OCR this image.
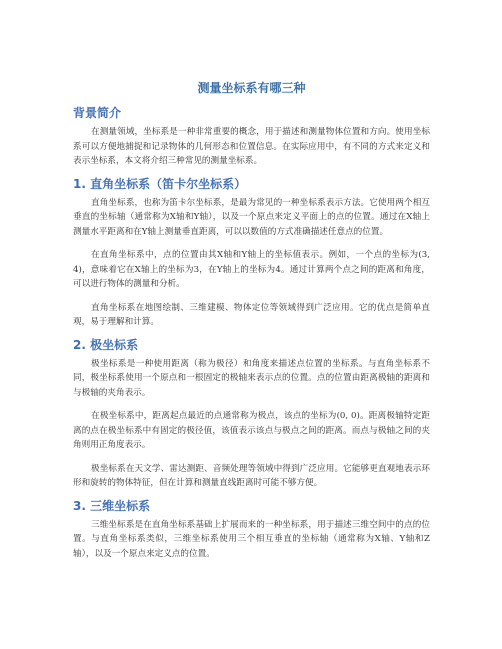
测量坐标系有哪三种
背景简介

在测量领域，坐标系是一种非常重要的概念，用于描述和测量物体位置和方向。使用坐标系可以方便地捕捉和记录物体的几何形态和位置信息。在实际应用中，有不同的方式来定义和表示坐标系，本文将介绍三种常见的测量坐标系。

1. 直角坐标系（笛卡尔坐标系）

直角坐标系，也称为笛卡尔坐标系，是最为常见的一种坐标系表示方法。它使用两个相互垂直的坐标轴（通常称为X轴和Y轴），以及一个原点来定义平面上的点的位置。通过在X轴上测量水平距离和在Y轴上测量垂直距离，可以以数值的方式准确描述任意点的位置。

在直角坐标系中，点的位置由其X轴和Y轴上的坐标值表示。例如，一个点的坐标为(3, 4)，意味着它在X轴上的坐标为3，在Y轴上的坐标为4。通过计算两个点之间的距离和角度，可以进行物体的测量和分析。

直角坐标系在地图绘制、三维建模、物体定位等领域得到广泛应用。它的优点是简单直观，易于理解和计算。

2. 极坐标系

极坐标系是一种使用距离（称为极径）和角度来描述点位置的坐标系。与直角坐标系不同，极坐标系使用一个原点和一根固定的极轴来表示点的位置。点的位置由距离极轴的距离和与极轴的夹角表示。

在极坐标系中，距离起点最近的点通常称为极点，该点的坐标为(0, 0)。距离极轴特定距离的点在极坐标系中有固定的极径值，该值表示该点与极点之间的距离。而点与极轴之间的夹角则用正角度表示。

极坐标系在天文学、雷达测距、音频处理等领域中得到广泛应用。它能够更直观地表示环形和旋转的物体特征，但在计算和测量直线距离时可能不够方便。

3. 三维坐标系

三维坐标系是在直角坐标系基础上扩展而来的一种坐标系，用于描述三维空间中的点的位置。与直角坐标系类似，三维坐标系使用三个相互垂直的坐标轴（通常称为X轴、Y轴和Z轴），以及一个原点来定义点的位置。
